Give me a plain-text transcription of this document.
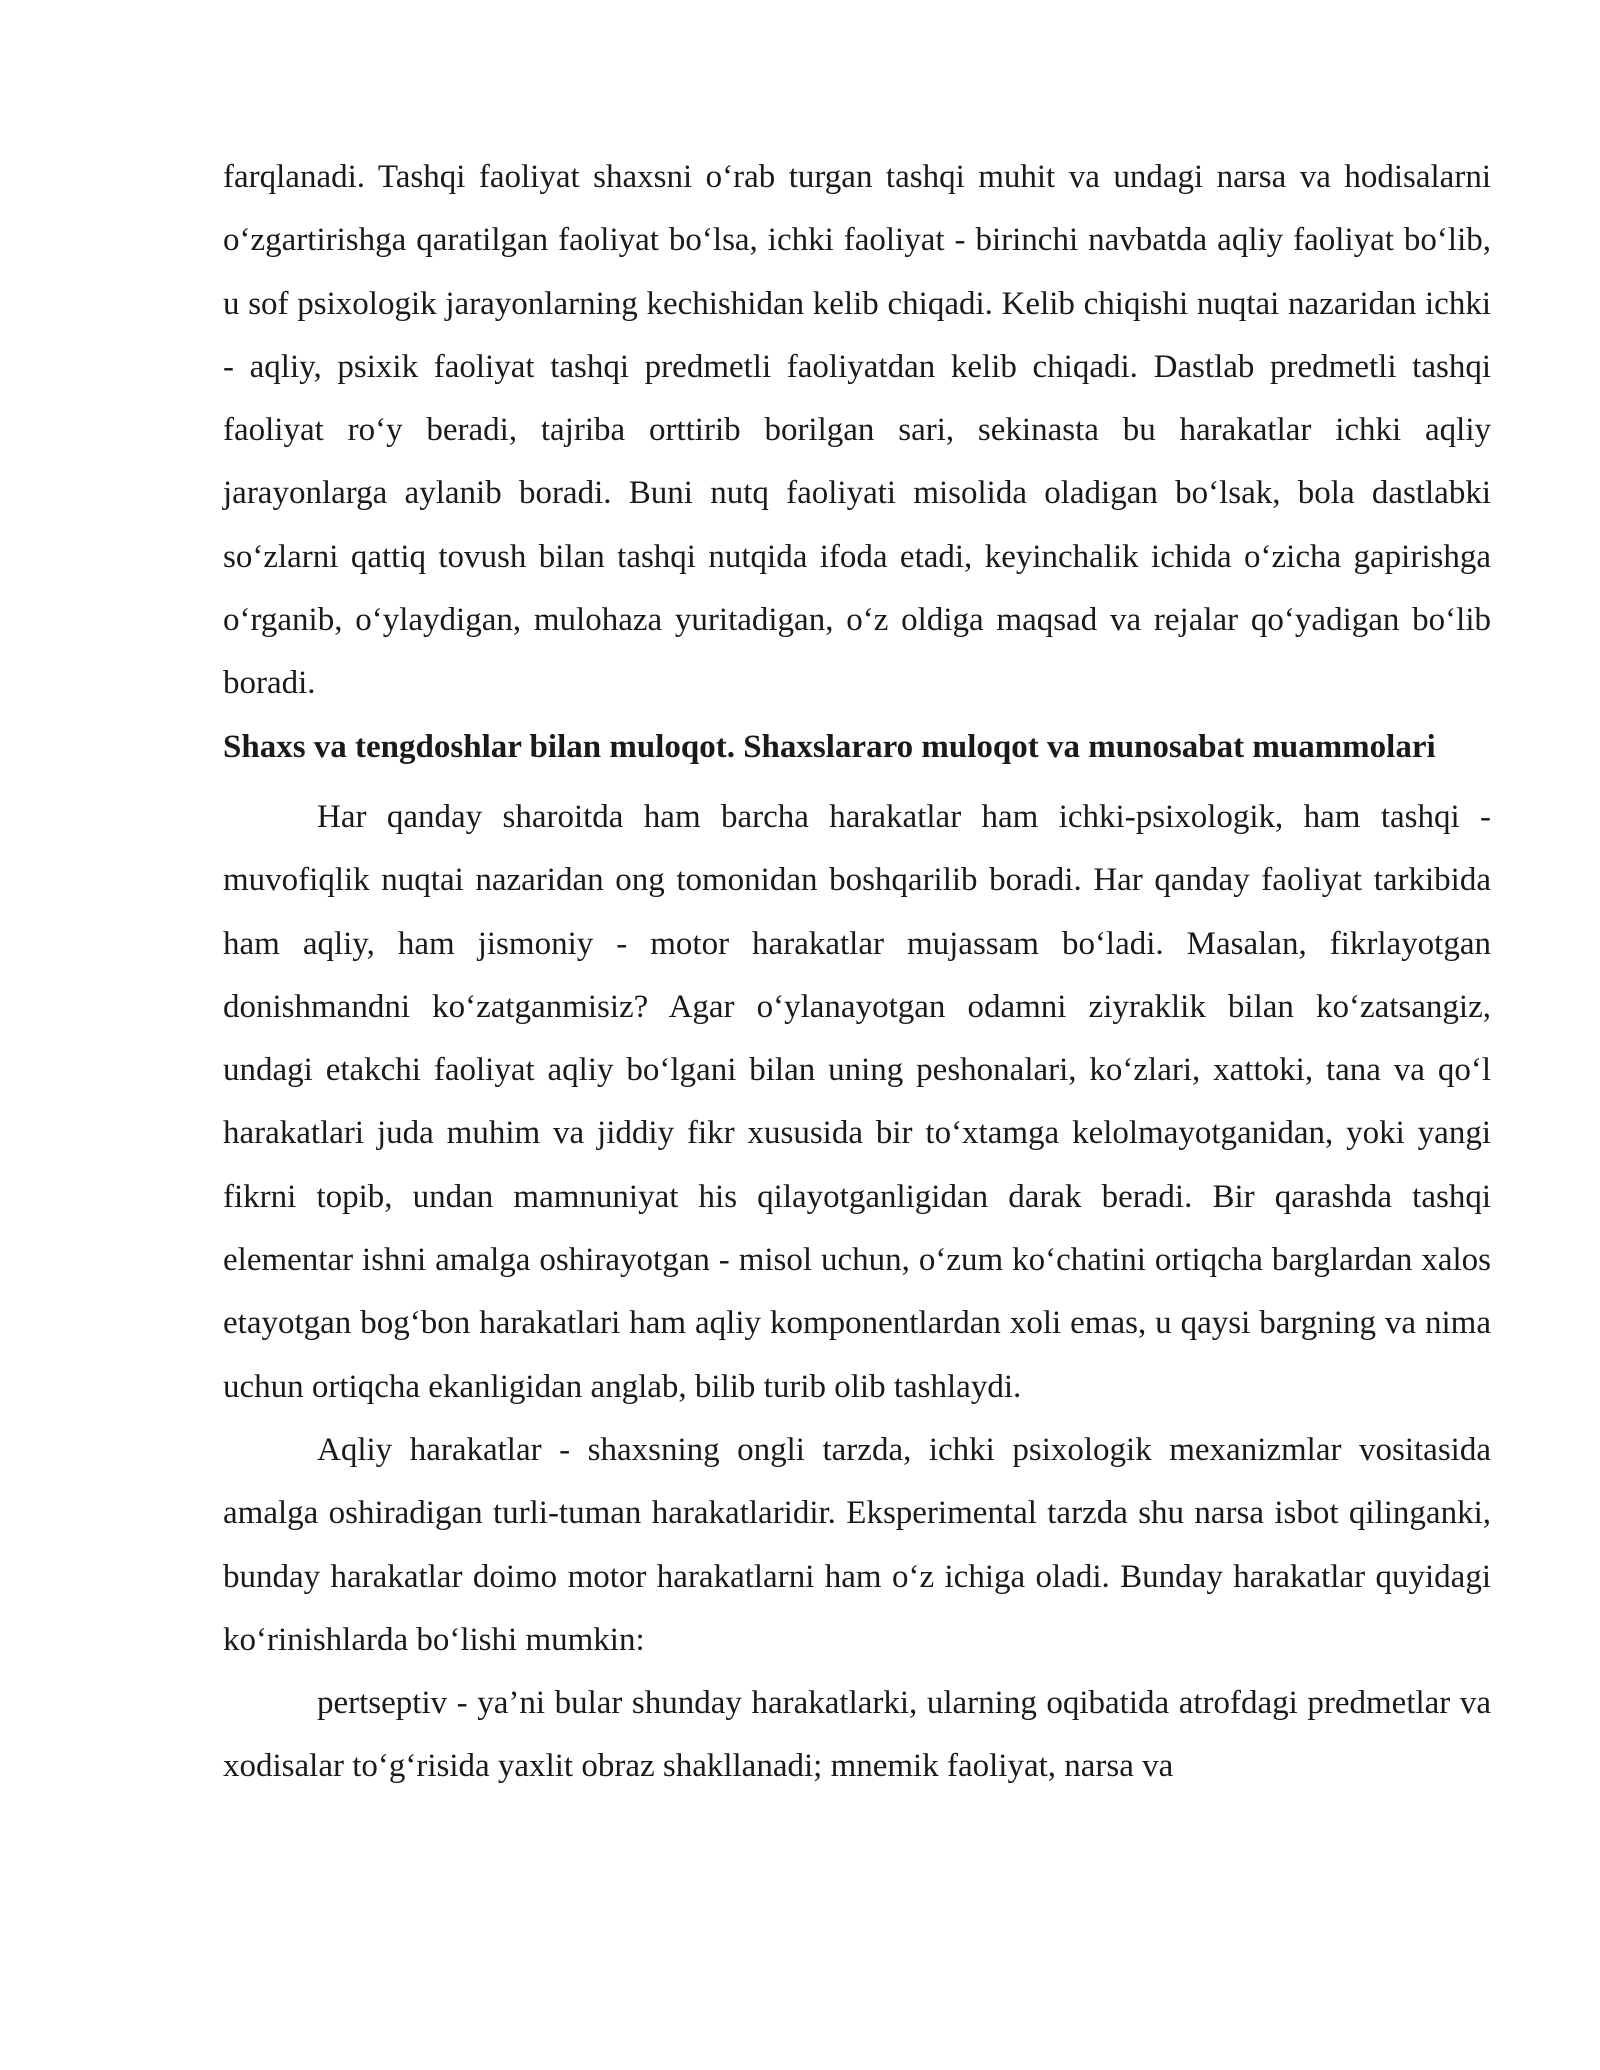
farqlanadi. Tashqi faoliyat shaxsni o‘rab turgan tashqi muhit va undagi narsa va hodisalarni o‘zgartirishga qaratilgan faoliyat bo‘lsa, ichki faoliyat - birinchi navbatda aqliy faoliyat bo‘lib, u sof psixologik jarayonlarning kechishidan kelib chiqadi. Kelib chiqishi nuqtai nazaridan ichki - aqliy, psixik faoliyat tashqi predmetli faoliyatdan kelib chiqadi. Dastlab predmetli tashqi faoliyat ro‘y beradi, tajriba orttirib borilgan sari, sekinasta bu harakatlar ichki aqliy jarayonlarga aylanib boradi. Buni nutq faoliyati misolida oladigan bo‘lsak, bola dastlabki so‘zlarni qattiq tovush bilan tashqi nutqida ifoda etadi, keyinchalik ichida o‘zicha gapirishga o‘rganib, o‘ylaydigan, mulohaza yuritadigan, o‘z oldiga maqsad va rejalar qo‘yadigan bo‘lib boradi.

Shaxs va tengdoshlar bilan muloqot. Shaxslararo muloqot va munosabat muammolari

Har qanday sharoitda ham barcha harakatlar ham ichki-psixologik, ham tashqi - muvofiqlik nuqtai nazaridan ong tomonidan boshqarilib boradi. Har qanday faoliyat tarkibida ham aqliy, ham jismoniy - motor harakatlar mujassam bo‘ladi. Masalan, fikrlayotgan donishmandni ko‘zatganmisiz? Agar o‘ylanayotgan odamni ziyraklik bilan ko‘zatsangiz, undagi etakchi faoliyat aqliy bo‘lgani bilan uning peshonalari, ko‘zlari, xattoki, tana va qo‘l harakatlari juda muhim va jiddiy fikr xususida bir to‘xtamga kelolmayotganidan, yoki yangi fikrni topib, undan mamnuniyat his qilayotganligidan darak beradi. Bir qarashda tashqi elementar ishni amalga oshirayotgan - misol uchun, o‘zum ko‘chatini ortiqcha barglardan xalos etayotgan bog‘bon harakatlari ham aqliy komponentlardan xoli emas, u qaysi bargning va nima uchun ortiqcha ekanligidan anglab, bilib turib olib tashlaydi.

Aqliy harakatlar - shaxsning ongli tarzda, ichki psixologik mexanizmlar vositasida amalga oshiradigan turli-tuman harakatlaridir. Eksperimental tarzda shu narsa isbot qilinganki, bunday harakatlar doimo motor harakatlarni ham o‘z ichiga oladi. Bunday harakatlar quyidagi ko‘rinishlarda bo‘lishi mumkin:

pertseptiv - ya’ni bular shunday harakatlarki, ularning oqibatida atrofdagi predmetlar va xodisalar to‘g‘risida yaxlit obraz shakllanadi; mnemik faoliyat, narsa va
